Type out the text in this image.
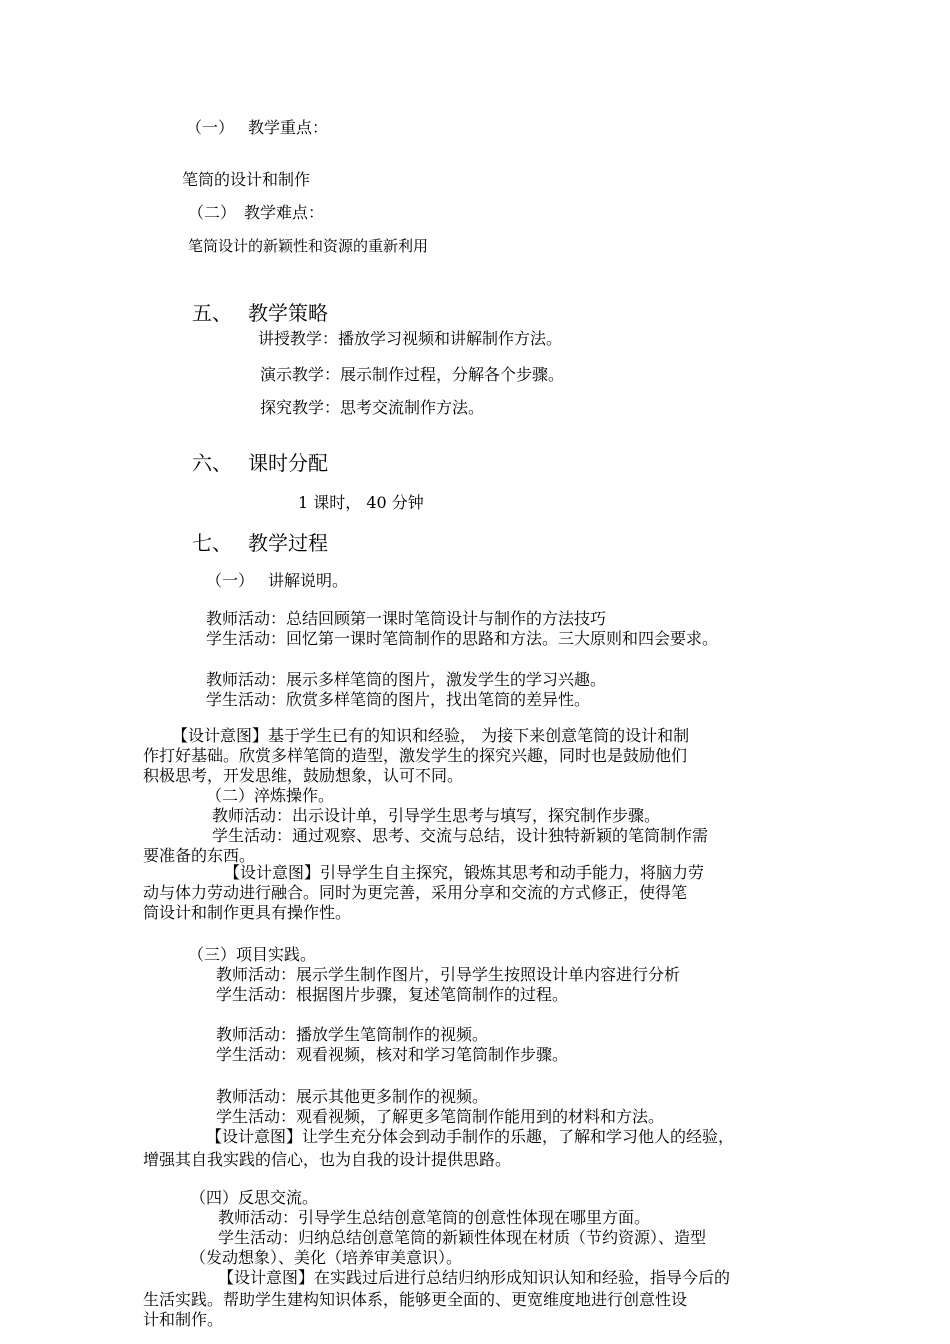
（一） 教学重点：
笔筒的设计和制作
（二） 教学难点：
笔筒设计的新颖性和资源的重新利用
五、 教学策略
讲授教学：播放学习视频和讲解制作方法。
演示教学：展示制作过程，分解各个步骤。
探究教学：思考交流制作方法。
六、 课时分配
1 课时， 40 分钟
七、 教学过程
（一） 讲解说明。
教师活动：总结回顾第一课时笔筒设计与制作的方法技巧
学生活动：回忆第一课时笔筒制作的思路和方法。三大原则和四会要求。
教师活动：展示多样笔筒的图片，激发学生的学习兴趣。
学生活动：欣赏多样笔筒的图片，找出笔筒的差异性。
【设计意图】基于学生已有的知识和经验， 为接下来创意笔筒的设计和制
作打好基础。欣赏多样笔筒的造型，激发学生的探究兴趣，同时也是鼓励他们
积极思考，开发思维，鼓励想象，认可不同。
（二）淬炼操作。
教师活动：出示设计单，引导学生思考与填写，探究制作步骤。
学生活动：通过观察、思考、交流与总结，设计独特新颖的笔筒制作需
要准备的东西。
【设计意图】引导学生自主探究，锻炼其思考和动手能力，将脑力劳
动与体力劳动进行融合。同时为更完善，采用分享和交流的方式修正，使得笔
筒设计和制作更具有操作性。
（三）项目实践。
教师活动：展示学生制作图片，引导学生按照设计单内容进行分析
学生活动：根据图片步骤，复述笔筒制作的过程。
教师活动：播放学生笔筒制作的视频。
学生活动：观看视频，核对和学习笔筒制作步骤。
教师活动：展示其他更多制作的视频。
学生活动：观看视频，了解更多笔筒制作能用到的材料和方法。
【设计意图】让学生充分体会到动手制作的乐趣，了解和学习他人的经验，
增强其自我实践的信心，也为自我的设计提供思路。
（四）反思交流。
教师活动：引导学生总结创意笔筒的创意性体现在哪里方面。
学生活动：归纳总结创意笔筒的新颖性体现在材质（节约资源）、造型
（发动想象）、美化（培养审美意识）。
【设计意图】在实践过后进行总结归纳形成知识认知和经验，指导今后的
生活实践。帮助学生建构知识体系，能够更全面的、更宽维度地进行创意性设
计和制作。
